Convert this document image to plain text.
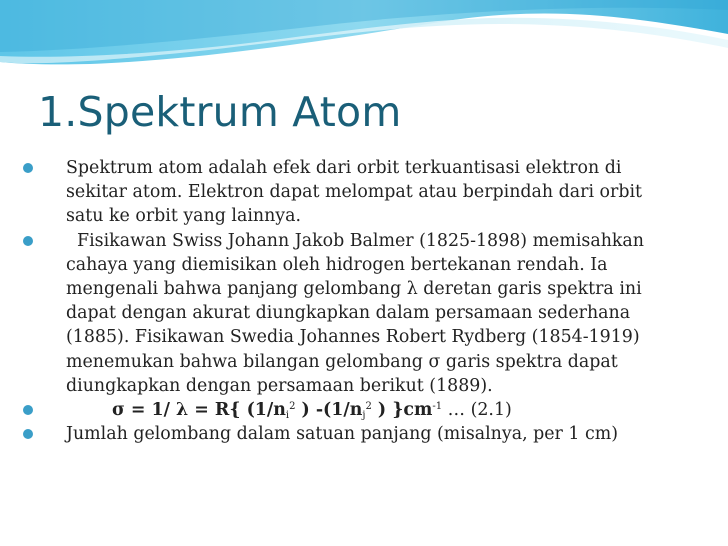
1.Spektrum Atom
Spektrum atom adalah efek dari orbit terkuantisasi elektron di sekitar atom. Elektron dapat melompat atau berpindah dari orbit satu ke orbit yang lainnya.
Fisikawan Swiss Johann Jakob Balmer (1825-1898) memisahkan cahaya yang diemisikan oleh hidrogen bertekanan rendah. Ia mengenali bahwa panjang gelombang λ deretan garis spektra ini dapat dengan akurat diungkapkan dalam persamaan sederhana (1885). Fisikawan Swedia Johannes Robert Rydberg (1854-1919) menemukan bahwa bilangan gelombang σ garis spektra dapat diungkapkan dengan persamaan berikut (1889).
σ = 1/ λ = R{ ($1/n_i^2$ ) $-(1/n_j^2$ ) }$cm^{-1}$ … (2.1)
Jumlah gelombang dalam satuan panjang (misalnya, per 1 cm)
